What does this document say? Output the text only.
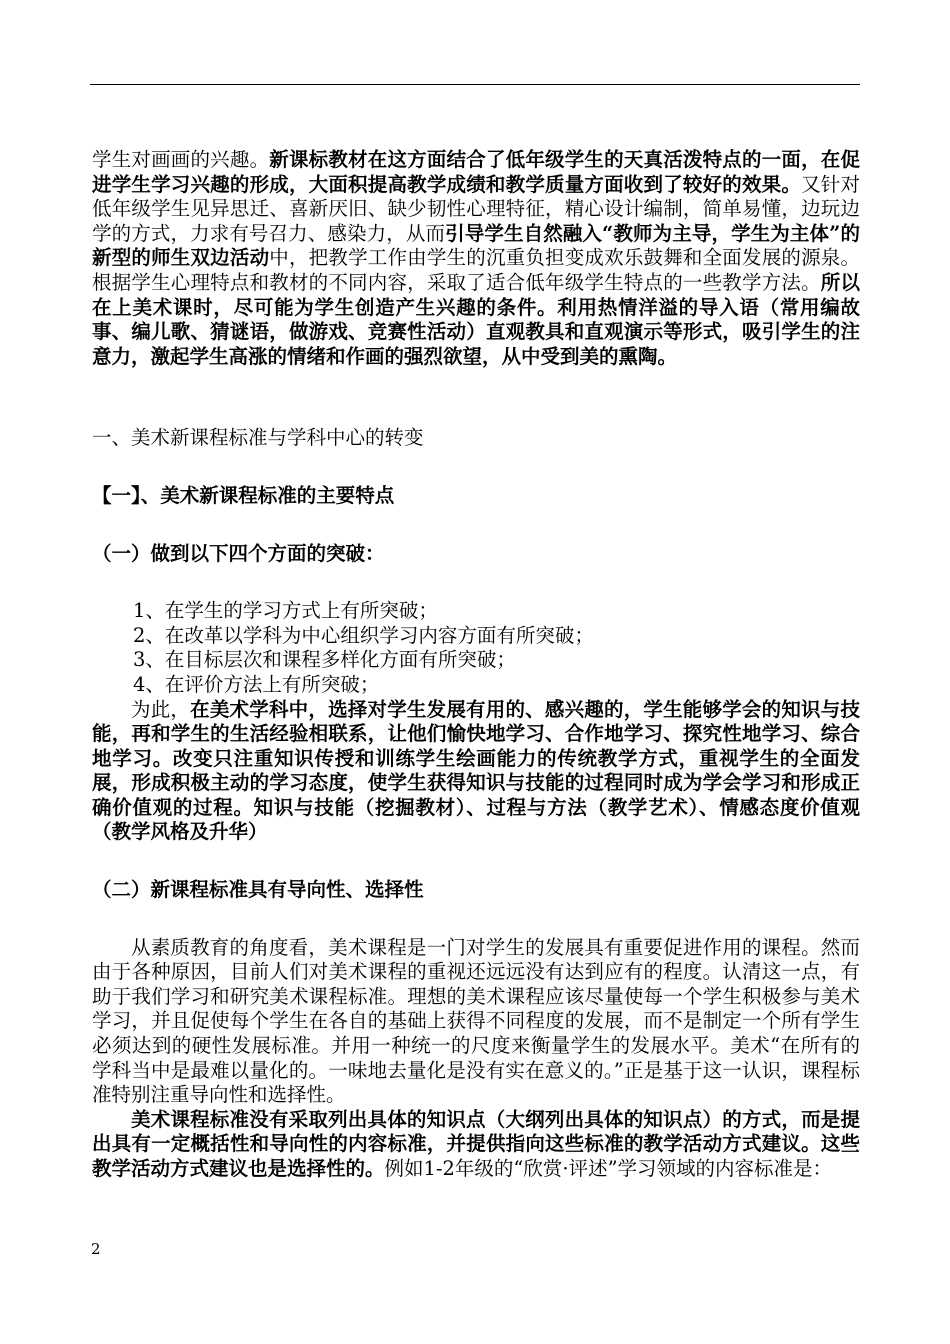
学生对画画的兴趣。新课标教材在这方面结合了低年级学生的天真活泼特点的一面，在促进学生学习兴趣的形成，大面积提高教学成绩和教学质量方面收到了较好的效果。又针对低年级学生见异思迁、喜新厌旧、缺少韧性心理特征，精心设计编制，简单易懂，边玩边学的方式，力求有号召力、感染力，从而引导学生自然融入“教师为主导，学生为主体”的新型的师生双边活动中，把教学工作由学生的沉重负担变成欢乐鼓舞和全面发展的源泉。根据学生心理特点和教材的不同内容，采取了适合低年级学生特点的一些教学方法。所以在上美术课时，尽可能为学生创造产生兴趣的条件。利用热情洋溢的导入语（常用编故事、编儿歌、猜谜语，做游戏、竞赛性活动）直观教具和直观演示等形式，吸引学生的注意力，激起学生高涨的情绪和作画的强烈欲望，从中受到美的熏陶。

一、美术新课程标准与学科中心的转变

【一】、美术新课程标准的主要特点

（一）做到以下四个方面的突破：

1、在学生的学习方式上有所突破；

2、在改革以学科为中心组织学习内容方面有所突破；

3、在目标层次和课程多样化方面有所突破；

4、在评价方法上有所突破；

为此，在美术学科中，选择对学生发展有用的、感兴趣的，学生能够学会的知识与技能，再和学生的生活经验相联系，让他们愉快地学习、合作地学习、探究性地学习、综合地学习。改变只注重知识传授和训练学生绘画能力的传统教学方式，重视学生的全面发展，形成积极主动的学习态度，使学生获得知识与技能的过程同时成为学会学习和形成正确价值观的过程。知识与技能（挖掘教材）、过程与方法（教学艺术）、情感态度价值观（教学风格及升华）

（二）新课程标准具有导向性、选择性

从素质教育的角度看，美术课程是一门对学生的发展具有重要促进作用的课程。然而由于各种原因，目前人们对美术课程的重视还远远没有达到应有的程度。认清这一点，有助于我们学习和研究美术课程标准。理想的美术课程应该尽量使每一个学生积极参与美术学习，并且促使每个学生在各自的基础上获得不同程度的发展，而不是制定一个所有学生必须达到的硬性发展标准。并用一种统一的尺度来衡量学生的发展水平。美术“在所有的学科当中是最难以量化的。一味地去量化是没有实在意义的。”正是基于这一认识，课程标准特别注重导向性和选择性。

美术课程标准没有采取列出具体的知识点（大纲列出具体的知识点）的方式，而是提出具有一定概括性和导向性的内容标准，并提供指向这些标准的教学活动方式建议。这些教学活动方式建议也是选择性的。例如1-2年级的“欣赏·评述”学习领域的内容标准是：

2
